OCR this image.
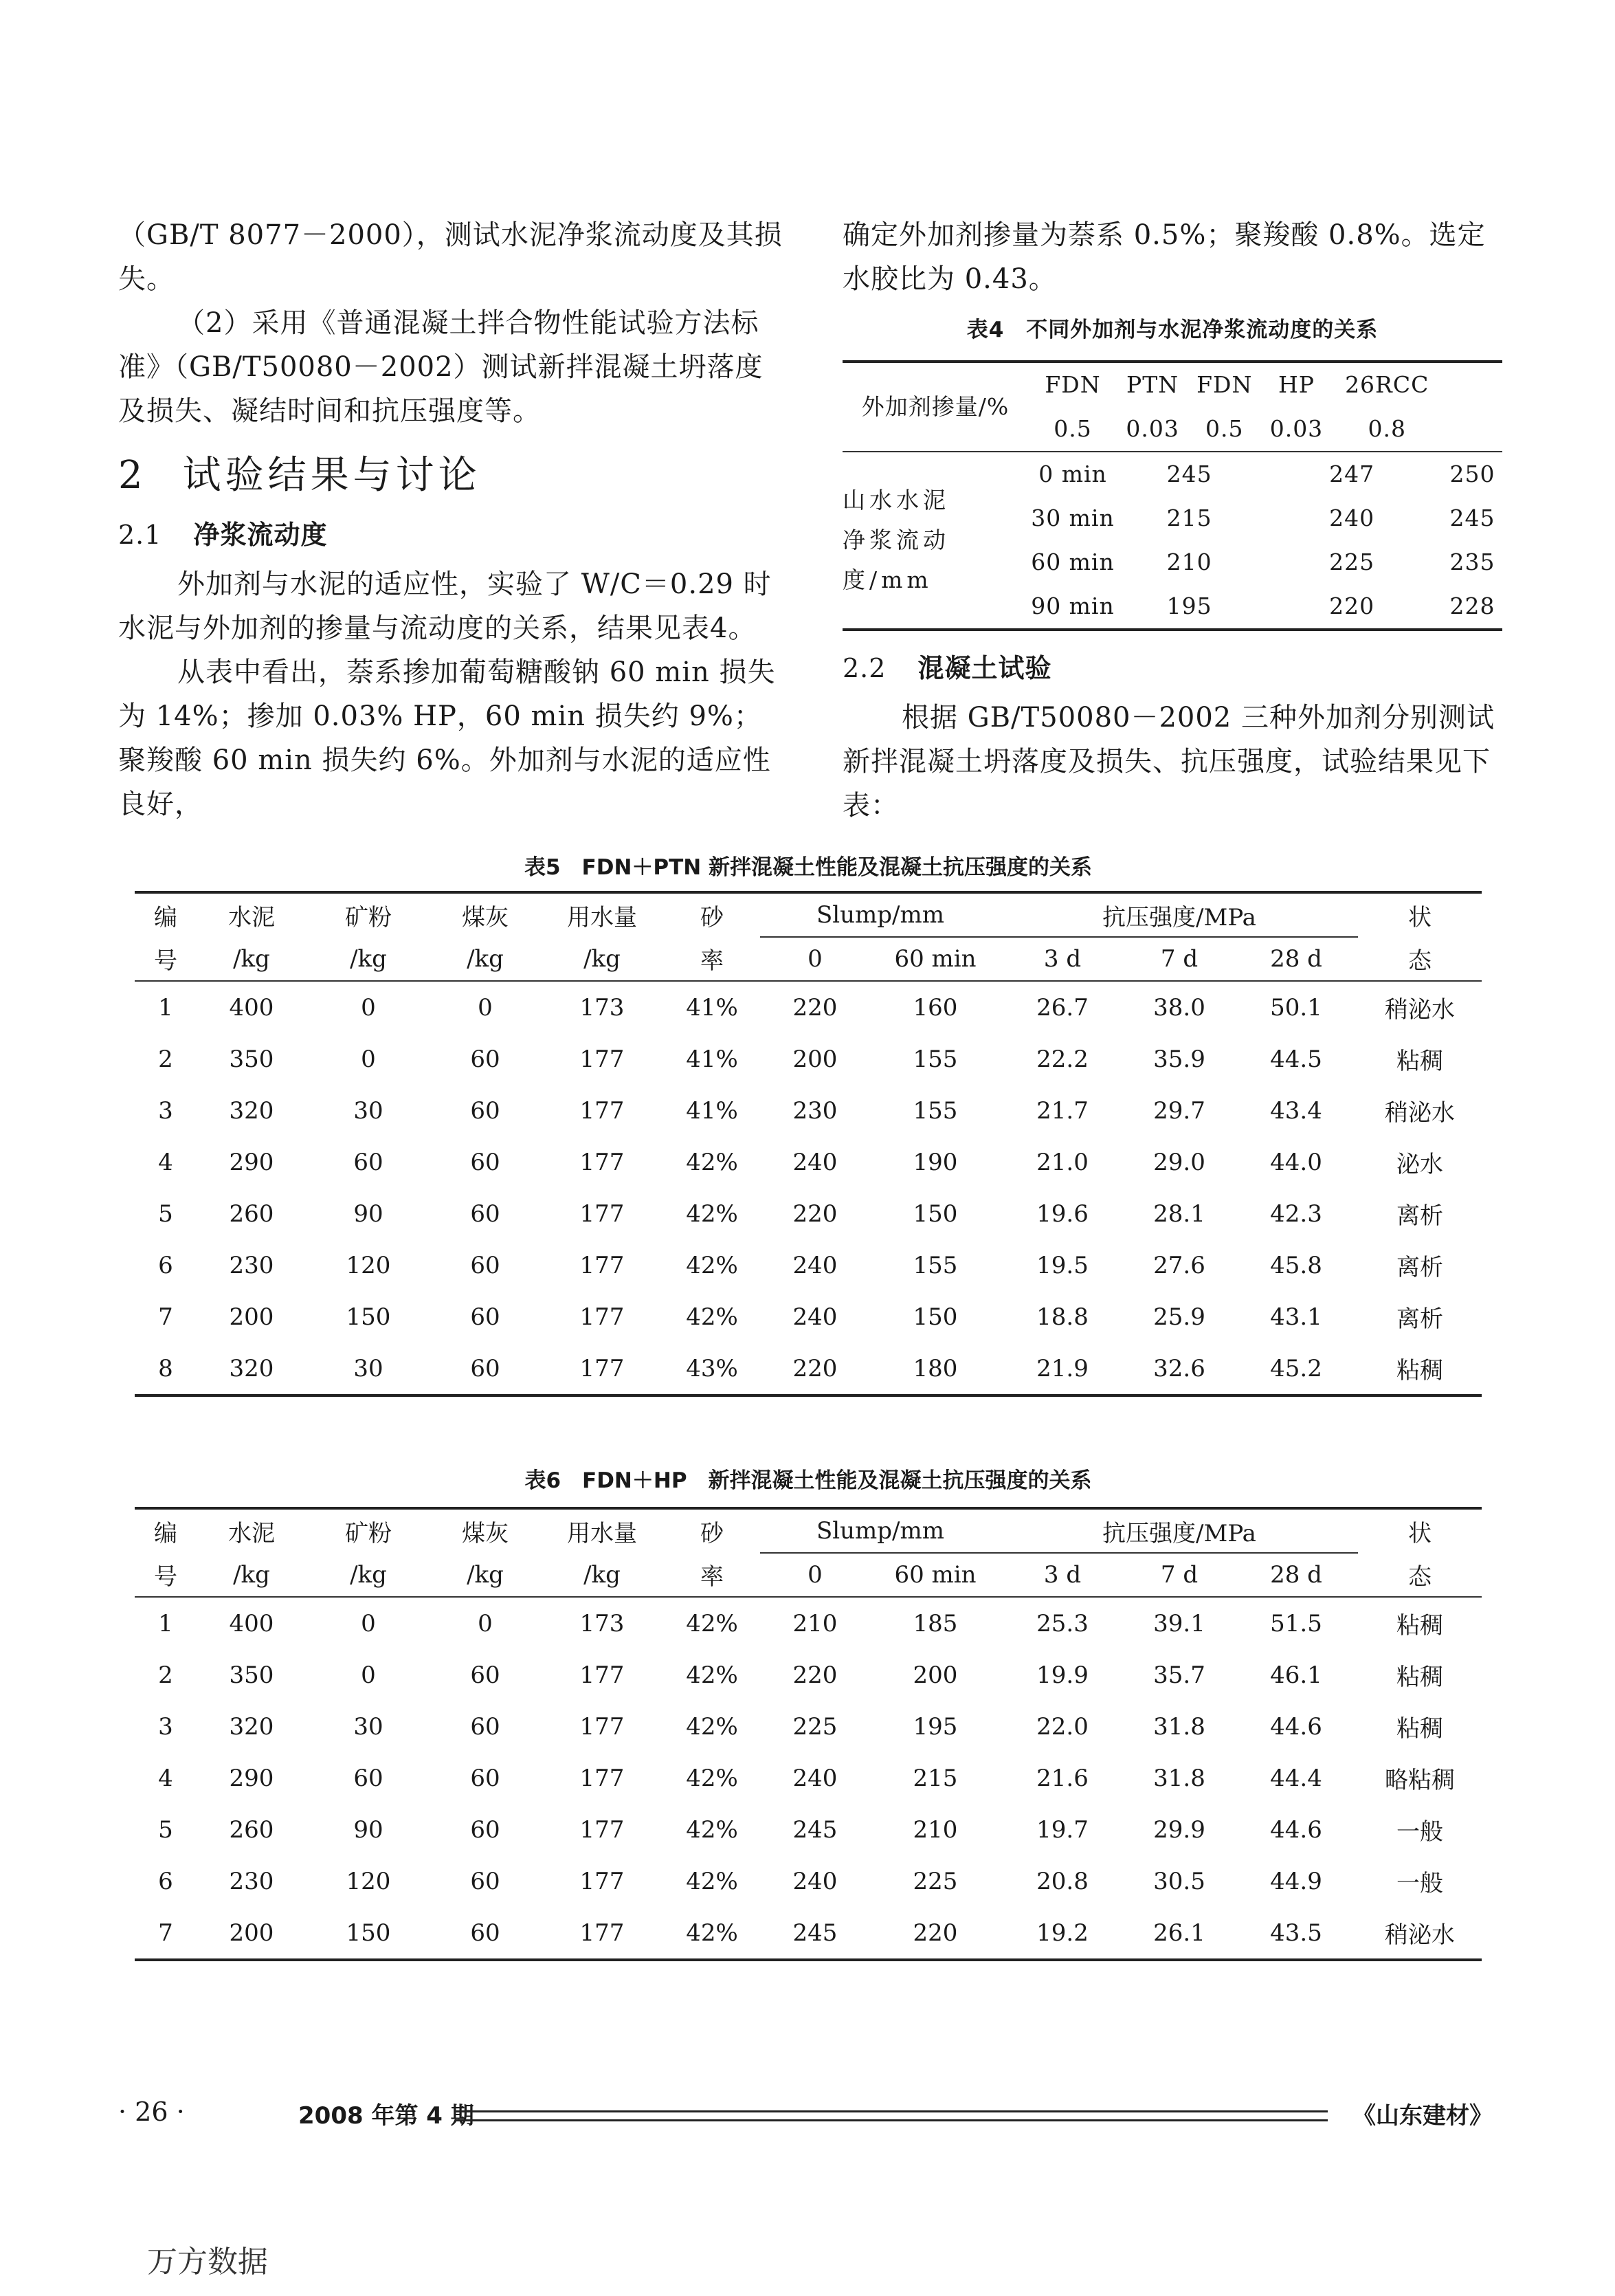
（GB/T 8077－2000），测试水泥净浆流动度及其损失。

（2）采用《普通混凝土拌合物性能试验方法标准》（GB/T50080－2002）测试新拌混凝土坍落度及损失、凝结时间和抗压强度等。

2 试验结果与讨论
2.1 净浆流动度

外加剂与水泥的适应性，实验了 W/C＝0.29 时水泥与外加剂的掺量与流动度的关系，结果见表4。

从表中看出，萘系掺加葡萄糖酸钠 60 min 损失为 14%；掺加 0.03% HP，60 min 损失约 9%；聚羧酸 60 min 损失约 6%。外加剂与水泥的适应性良好，

确定外加剂掺量为萘系 0.5%；聚羧酸 0.8%。选定水胶比为 0.43。

表4　不同外加剂与水泥净浆流动度的关系
外加剂掺量/%	FDN	PTN	FDN	HP	26RCC	
	0.5	0.03	0.5	0.03	0.8	

山水水泥
净浆流动
度/mm	0 min	245		247		250
	30 min	215		240		245
	60 min	210		225		235
	90 min	195		220		228
2.2 混凝土试验

根据 GB/T50080－2002 三种外加剂分别测试新拌混凝土坍落度及损失、抗压强度，试验结果见下表：

表5　FDN＋PTN 新拌混凝土性能及混凝土抗压强度的关系
编	水泥	矿粉	煤灰	用水量	砂	Slump/mm		抗压强度/MPa			状
号	/kg	/kg	/kg	/kg	率	0	60 min	3 d	7 d	28 d	态
1	400	0	0	173	41%	220	160	26.7	38.0	50.1	稍泌水
2	350	0	60	177	41%	200	155	22.2	35.9	44.5	粘稠
3	320	30	60	177	41%	230	155	21.7	29.7	43.4	稍泌水
4	290	60	60	177	42%	240	190	21.0	29.0	44.0	泌水
5	260	90	60	177	42%	220	150	19.6	28.1	42.3	离析
6	230	120	60	177	42%	240	155	19.5	27.6	45.8	离析
7	200	150	60	177	42%	240	150	18.8	25.9	43.1	离析
8	320	30	60	177	43%	220	180	21.9	32.6	45.2	粘稠
表6　FDN＋HP　新拌混凝土性能及混凝土抗压强度的关系
编	水泥	矿粉	煤灰	用水量	砂	Slump/mm		抗压强度/MPa			状
号	/kg	/kg	/kg	/kg	率	0	60 min	3 d	7 d	28 d	态
1	400	0	0	173	42%	210	185	25.3	39.1	51.5	粘稠
2	350	0	60	177	42%	220	200	19.9	35.7	46.1	粘稠
3	320	30	60	177	42%	225	195	22.0	31.8	44.6	粘稠
4	290	60	60	177	42%	240	215	21.6	31.8	44.4	略粘稠
5	260	90	60	177	42%	245	210	19.7	29.9	44.6	一般
6	230	120	60	177	42%	240	225	20.8	30.5	44.9	一般
7	200	150	60	177	42%	245	220	19.2	26.1	43.5	稍泌水
· 26 ·	2008 年第 4 期	《山东建材》
万方数据
